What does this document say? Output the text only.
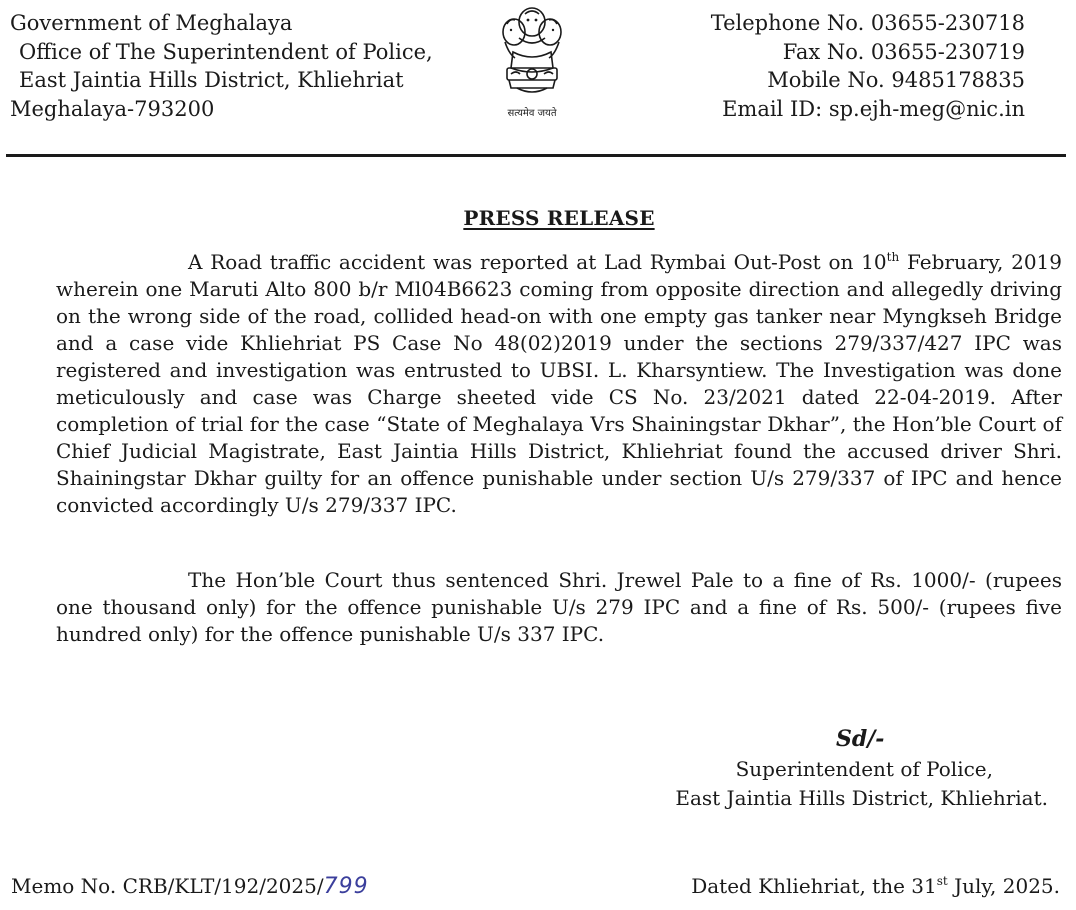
Government of Meghalaya
Office of The Superintendent of Police,
East Jaintia Hills District, Khliehriat
Meghalaya-793200	सत्यमेव जयते
Telephone No. 03655-230718
Fax No. 03655-230719
Mobile No. 9485178835
Email ID: sp.ejh-meg@nic.in
PRESS RELEASE

A Road traffic accident was reported at Lad Rymbai Out-Post on 10th February, 2019 wherein one Maruti Alto 800 b/r Ml04B6623 coming from opposite direction and allegedly driving on the wrong side of the road, collided head-on with one empty gas tanker near Myngkseh Bridge and a case vide Khliehriat PS Case No 48(02)2019 under the sections 279/337/427 IPC was registered and investigation was entrusted to UBSI. L. Kharsyntiew. The Investigation was done meticulously and case was Charge sheeted vide CS No. 23/2021 dated 22-04-2019. After completion of trial for the case “State of Meghalaya Vrs Shainingstar Dkhar”, the Hon’ble Court of Chief Judicial Magistrate, East Jaintia Hills District, Khliehriat found the accused driver Shri. Shainingstar Dkhar guilty for an offence punishable under section U/s 279/337 of IPC and hence convicted accordingly U/s 279/337 IPC.

The Hon’ble Court thus sentenced Shri. Jrewel Pale to a fine of Rs. 1000/- (rupees one thousand only) for the offence punishable U/s 279 IPC and a fine of Rs. 500/- (rupees five hundred only) for the offence punishable U/s 337 IPC.

Sd/-
Superintendent of Police,
East Jaintia Hills District, Khliehriat.
Memo No. CRB/KLT/192/2025/799	Dated Khliehriat, the 31st July, 2025.
